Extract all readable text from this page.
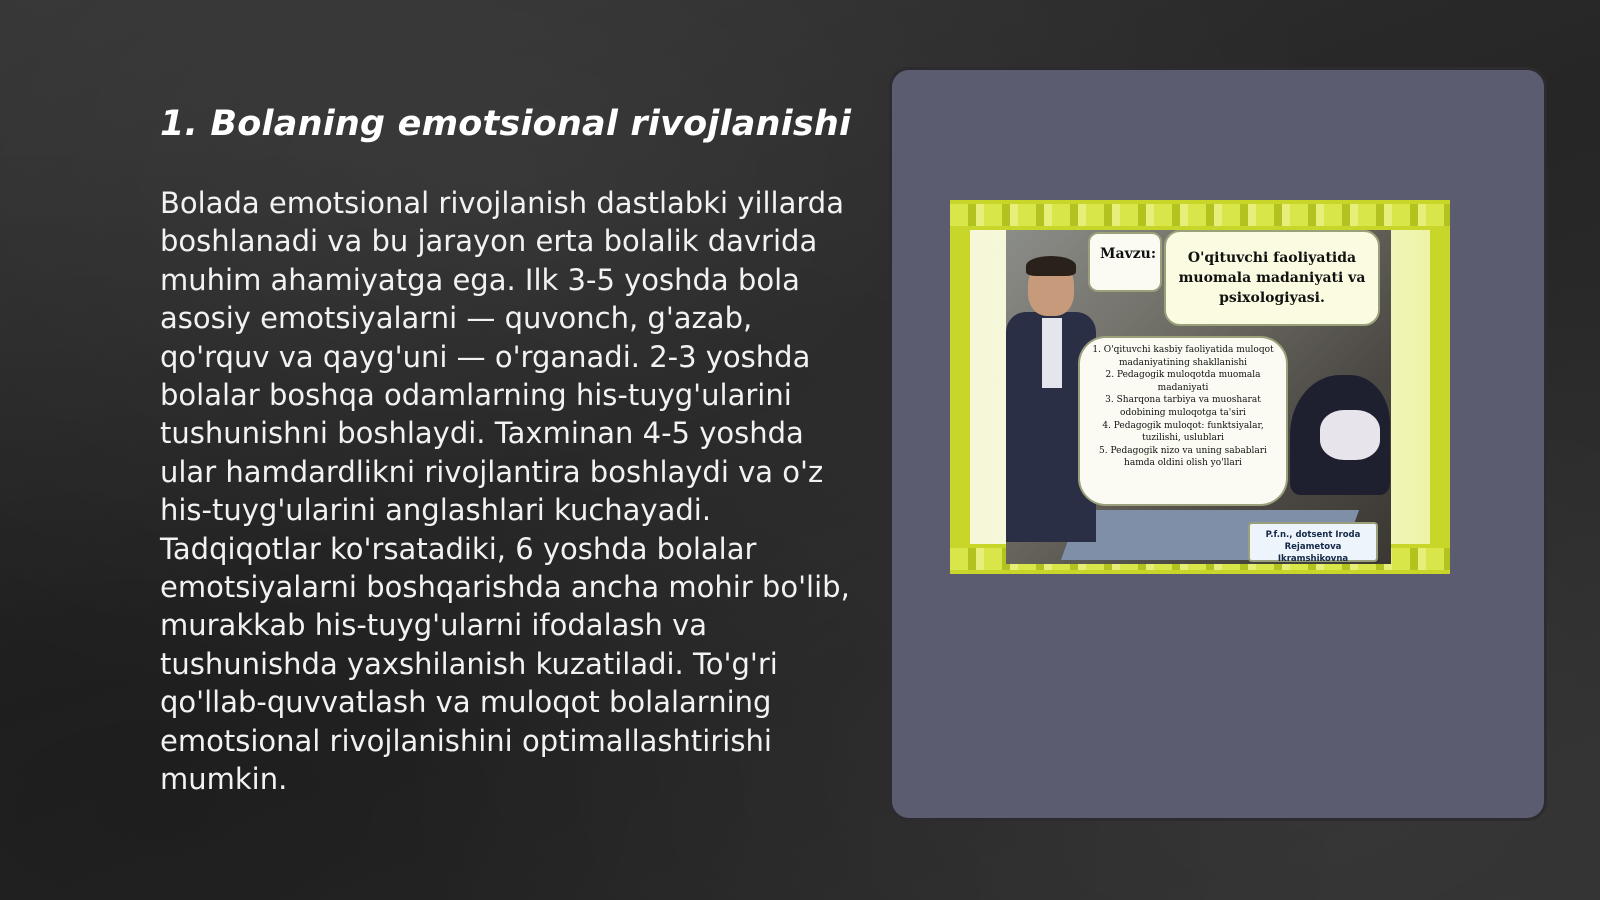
1. Bolaning emotsional rivojlanishi

Bolada emotsional rivojlanish dastlabki yillarda boshlanadi va bu jarayon erta bolalik davrida muhim ahamiyatga ega. Ilk 3-5 yoshda bola asosiy emotsiyalarni — quvonch, g'azab, qo'rquv va qayg'uni — o'rganadi. 2-3 yoshda bolalar boshqa odamlarning his-tuyg'ularini tushunishni boshlaydi. Taxminan 4-5 yoshda ular hamdardlikni rivojlantira boshlaydi va o'z his-tuyg'ularini anglashlari kuchayadi. Tadqiqotlar ko'rsatadiki, 6 yoshda bolalar emotsiyalarni boshqarishda ancha mohir bo'lib, murakkab his-tuyg'ularni ifodalash va tushunishda yaxshilanish kuzatiladi. To'g'ri qo'llab-quvvatlash va muloqot bolalarning emotsional rivojlanishini optimallashtirishi mumkin.

Mavzu:	O'qituvchi faoliyatida muomala madaniyati va psixologiyasi.
1. O'qituvchi kasbiy faoliyatida muloqot madaniyatining shakllanishi
2. Pedagogik muloqotda muomala madaniyati
3. Sharqona tarbiya va muosharat odobining muloqotga ta'siri
4. Pedagogik muloqot: funktsiyalar, tuzilishi, uslublari
5. Pedagogik nizo va uning sabablari hamda oldini olish yo'llari
P.f.n., dotsent Iroda
Rejametova Ikramshikovna
